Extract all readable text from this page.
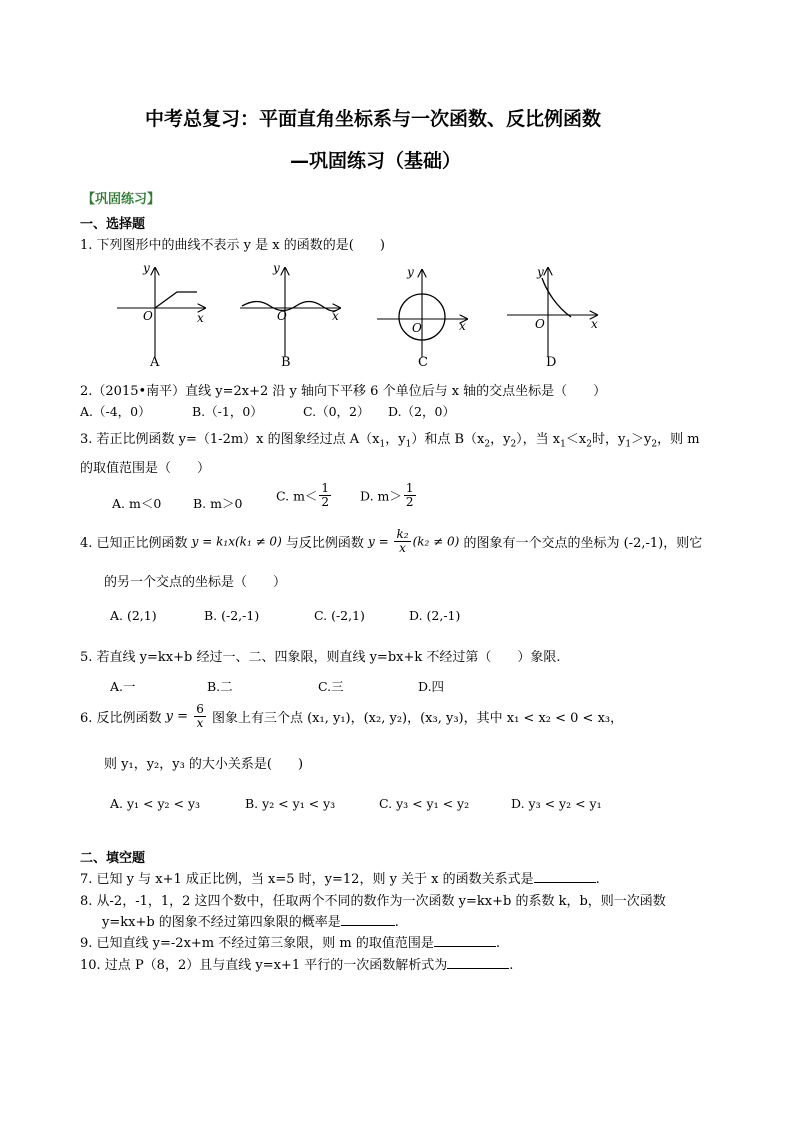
中考总复习：平面直角坐标系与一次函数、反比例函数
—巩固练习（基础）
【巩固练习】
一、选择题
1. 下列图形中的曲线不表示 y 是 x 的函数的是(　　)
y
x
O
A
y
x
O
B
y
x
O
C
y
x
O
D
2.（2015•南平）直线 y=2x+2 沿 y 轴向下平移 6 个单位后与 x 轴的交点坐标是（　　）
A.（-4，0）	B.（-1，0）	C.（0，2） D.（2，0）
3. 若正比例函数 y=（1-2m）x 的图象经过点 $A(x_1$，$y_1$）和点 $B(x_2$，$y_2$），当 $x_1<x_2$时，$y_1>y_2$，则 m
的取值范围是（　　）
A. m＜0	B. m＞0	C. $m< \frac{1}{2} D$. $m> \frac{1}{2}$
4. 已知正比例函数 y = k₁x(k₁ ≠ 0) 与反比例函数 $y = \frac{\text{k₂}}{x} (k_2 \ne 0)$ 的图象有一个交点的坐标为 (-2,-1)，则它
的另一个交点的坐标是（　　）
A. (2,1)	B. (-2,-1)	C. (-2,1)	D. (2,-1)
5. 若直线 y=kx+b 经过一、二、四象限，则直线 y=bx+k 不经过第（　　）象限.
A.一	B.二	C.三	D.四
6. 反比例函数 $y = \frac{6}{x}$ 图象上有三个点 (x₁, y₁)，(x₂, y₂)，(x₃, y₃)，其中 x₁ < x₂ < 0 < x₃，
则 y₁，y₂，y₃ 的大小关系是(　　)
A. y₁ < y₂ < y₃	B. y₂ < y₁ < y₃	C. y₃ < y₁ < y₂	D. y₃ < y₂ < y₁
二、填空题
7. 已知 y 与 x+1 成正比例，当 x=5 时，y=12，则 y 关于 x 的函数关系式是	.
8. 从-2，-1，1，2 这四个数中，任取两个不同的数作为一次函数 y=kx+b 的系数 k，b，则一次函数
y=kx+b 的图象不经过第四象限的概率是	.
9. 已知直线 y=-2x+m 不经过第三象限，则 m 的取值范围是	.
10. 过点 P（8，2）且与直线 y=x+1 平行的一次函数解析式为	.
